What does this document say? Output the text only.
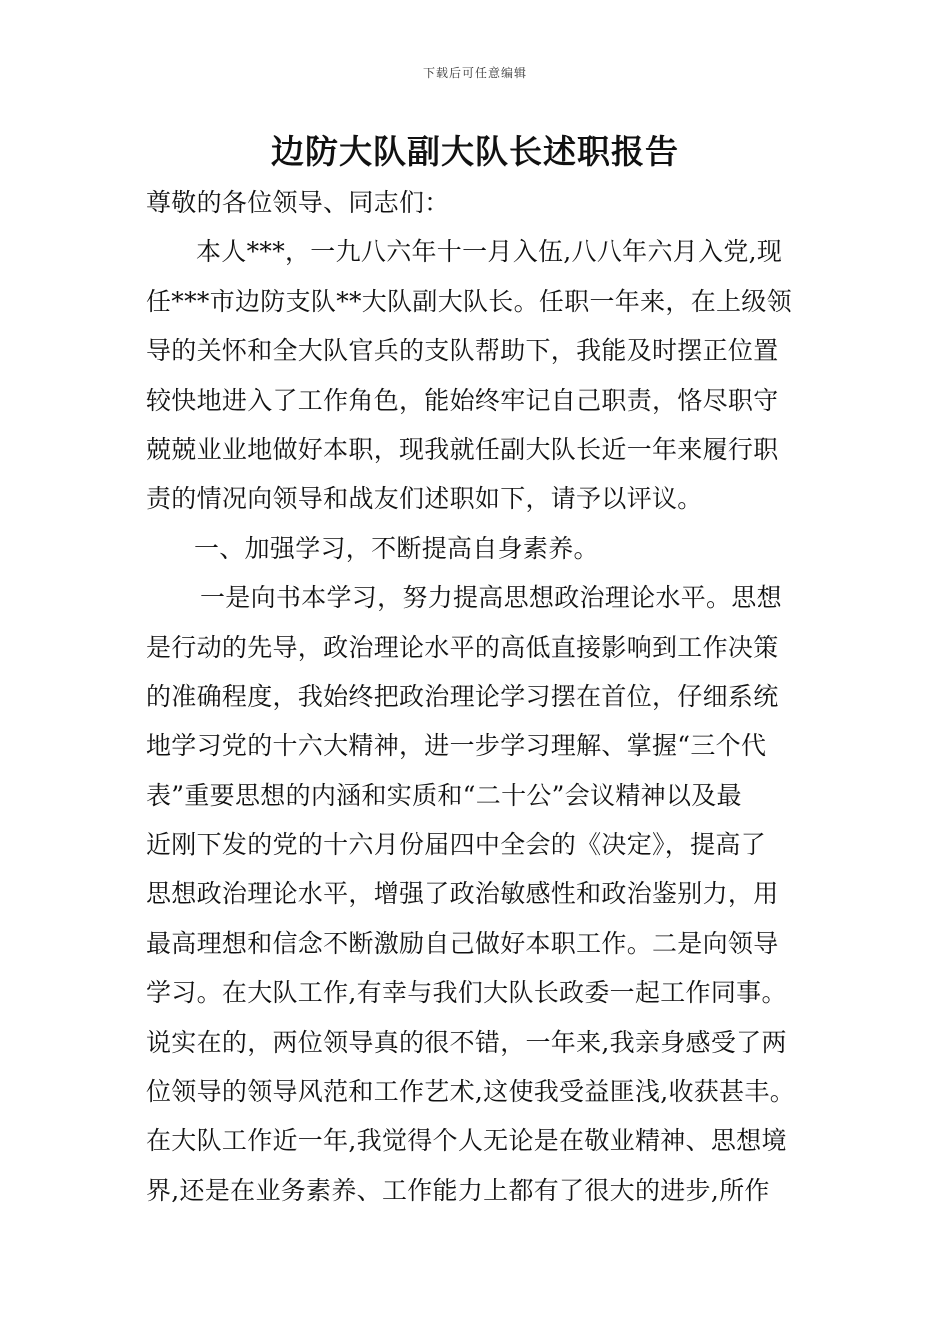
下载后可任意编辑
边防大队副大队长述职报告
尊敬的各位领导、同志们：
本人***，一九八六年十一月入伍,八八年六月入党,现
任***市边防支队**大队副大队长。任职一年来，在上级领
导的关怀和全大队官兵的支队帮助下，我能及时摆正位置
较快地进入了工作角色，能始终牢记自己职责，恪尽职守
兢兢业业地做好本职，现我就任副大队长近一年来履行职
责的情况向领导和战友们述职如下，请予以评议。
一、加强学习，不断提高自身素养。
一是向书本学习，努力提高思想政治理论水平。思想
是行动的先导，政治理论水平的高低直接影响到工作决策
的准确程度，我始终把政治理论学习摆在首位，仔细系统
地学习党的十六大精神，进一步学习理解、掌握“三个代
表”重要思想的内涵和实质和“二十公”会议精神以及最
近刚下发的党的十六月份届四中全会的《决定》，提高了
思想政治理论水平，增强了政治敏感性和政治鉴别力，用
最高理想和信念不断激励自己做好本职工作。二是向领导
学习。在大队工作,有幸与我们大队长政委一起工作同事。
说实在的，两位领导真的很不错，一年来,我亲身感受了两
位领导的领导风范和工作艺术,这使我受益匪浅,收获甚丰。
在大队工作近一年,我觉得个人无论是在敬业精神、思想境
界,还是在业务素养、工作能力上都有了很大的进步,所作
